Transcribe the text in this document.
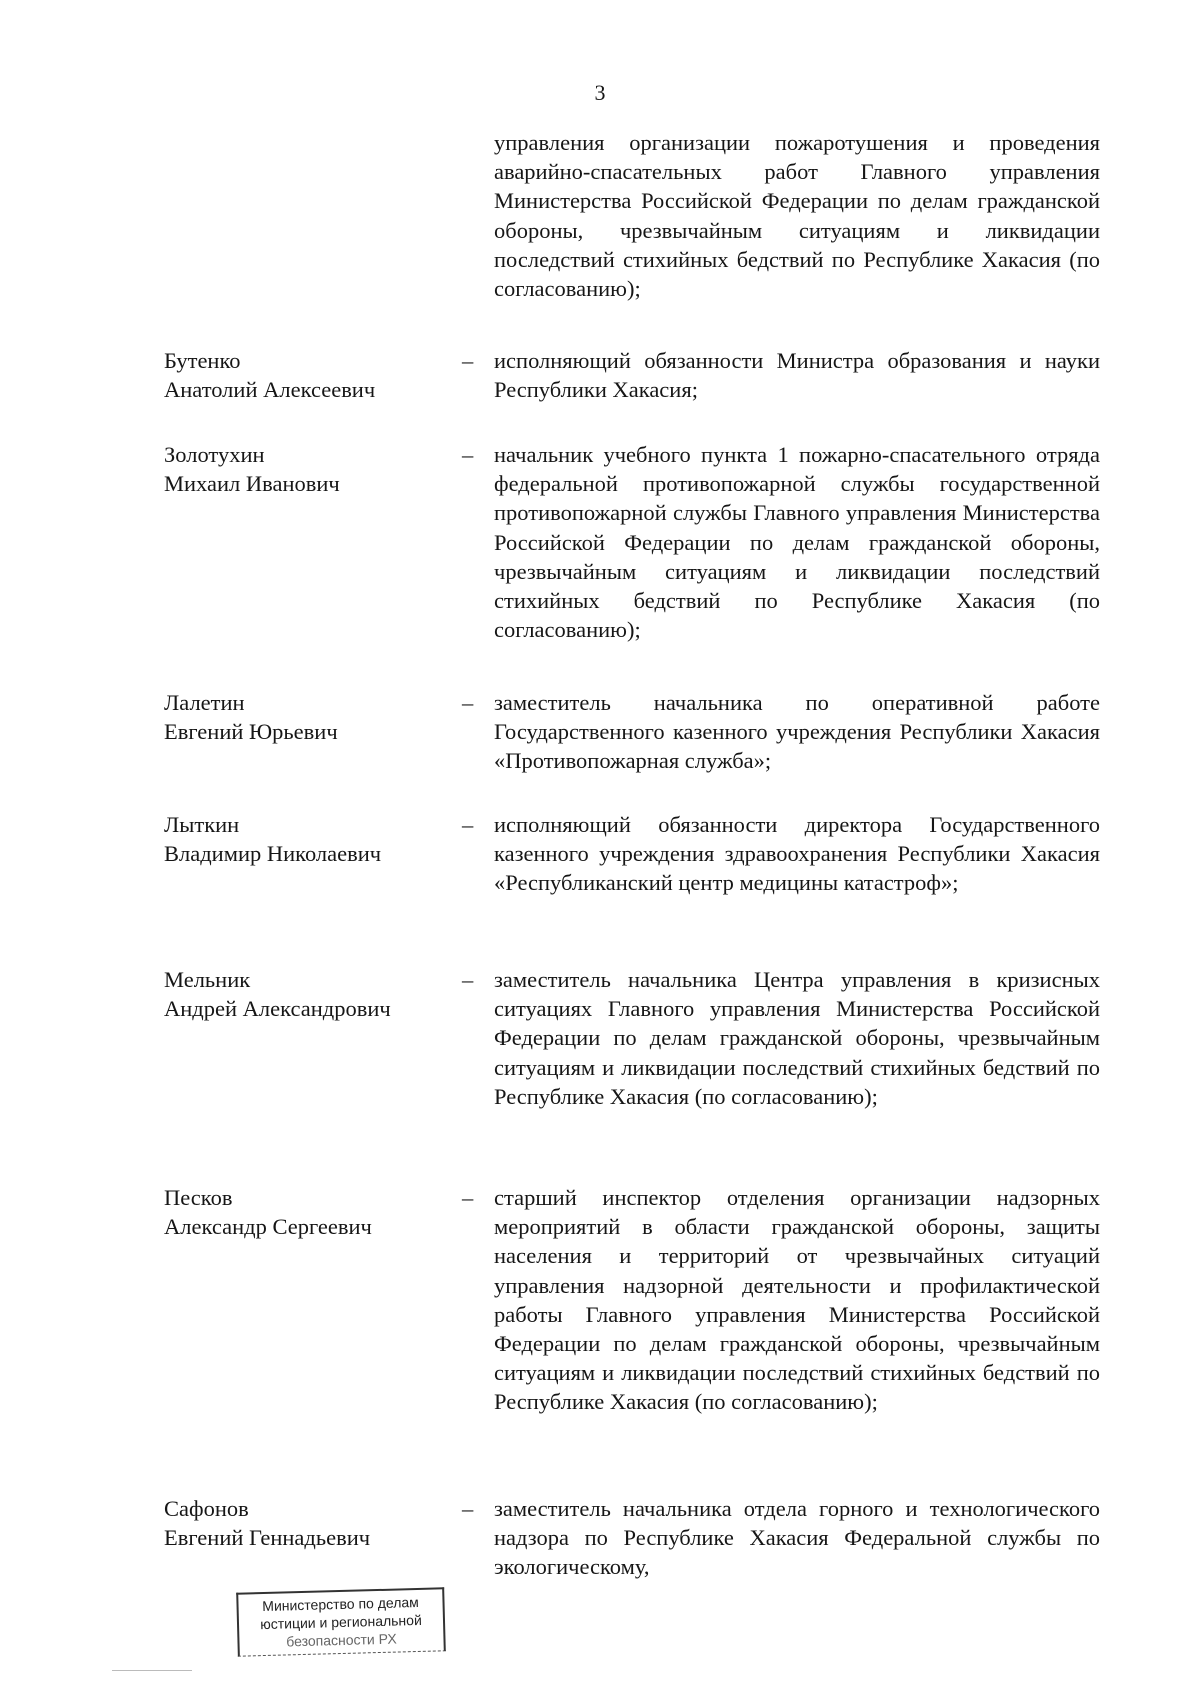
3
управления организации пожаротушения и проведения аварийно-спасательных работ Главного управления Министерства Российской Федерации по делам гражданской обороны, чрезвычайным ситуациям и ликвидации последствий стихийных бедствий по Республике Хакасия (по согласованию);
Бутенко
Анатолий Алексеевич
– исполняющий обязанности Министра образования и науки Республики Хакасия;
Золотухин
Михаил Иванович
– начальник учебного пункта 1 пожарно-спасательного отряда федеральной противопожарной службы государственной противопожарной службы Главного управления Министерства Российской Федерации по делам гражданской обороны, чрезвычайным ситуациям и ликвидации последствий стихийных бедствий по Республике Хакасия (по согласованию);
Лалетин
Евгений Юрьевич
– заместитель начальника по оперативной работе Государственного казенного учреждения Республики Хакасия «Противопожарная служба»;
Лыткин
Владимир Николаевич
– исполняющий обязанности директора Государственного казенного учреждения здравоохранения Республики Хакасия «Республиканский центр медицины катастроф»;
Мельник
Андрей Александрович
– заместитель начальника Центра управления в кризисных ситуациях Главного управления Министерства Российской Федерации по делам гражданской обороны, чрезвычайным ситуациям и ликвидации последствий стихийных бедствий по Республике Хакасия (по согласованию);
Песков
Александр Сергеевич
– старший инспектор отделения организации надзорных мероприятий в области гражданской обороны, защиты населения и территорий от чрезвычайных ситуаций управления надзорной деятельности и профилактической работы Главного управления Министерства Российской Федерации по делам гражданской обороны, чрезвычайным ситуациям и ликвидации последствий стихийных бедствий по Республике Хакасия (по согласованию);
Сафонов
Евгений Геннадьевич
– заместитель начальника отдела горного и технологического надзора по Республике Хакасия Федеральной службы по экологическому,
Министерство по делам
юстиции и региональной
безопасности РХ
